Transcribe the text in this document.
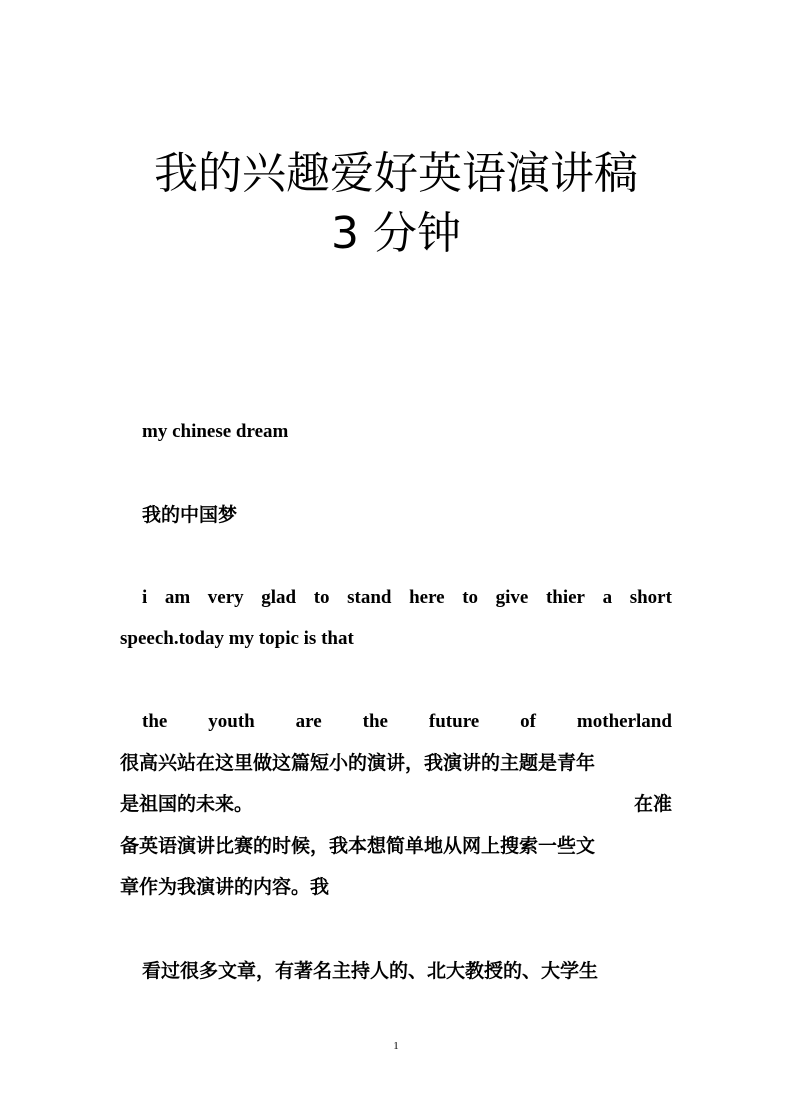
我的兴趣爱好英语演讲稿
3 分钟

my chinese dream

我的中国梦

i am very glad to stand here to give thier a short

speech.today my topic is that

the youth are the future of motherland

很高兴站在这里做这篇短小的演讲，我演讲的主题是青年

是祖国的未来。	在准

备英语演讲比赛的时候，我本想简单地从网上搜索一些文

章作为我演讲的内容。我

看过很多文章，有著名主持人的、北大教授的、大学生

1
